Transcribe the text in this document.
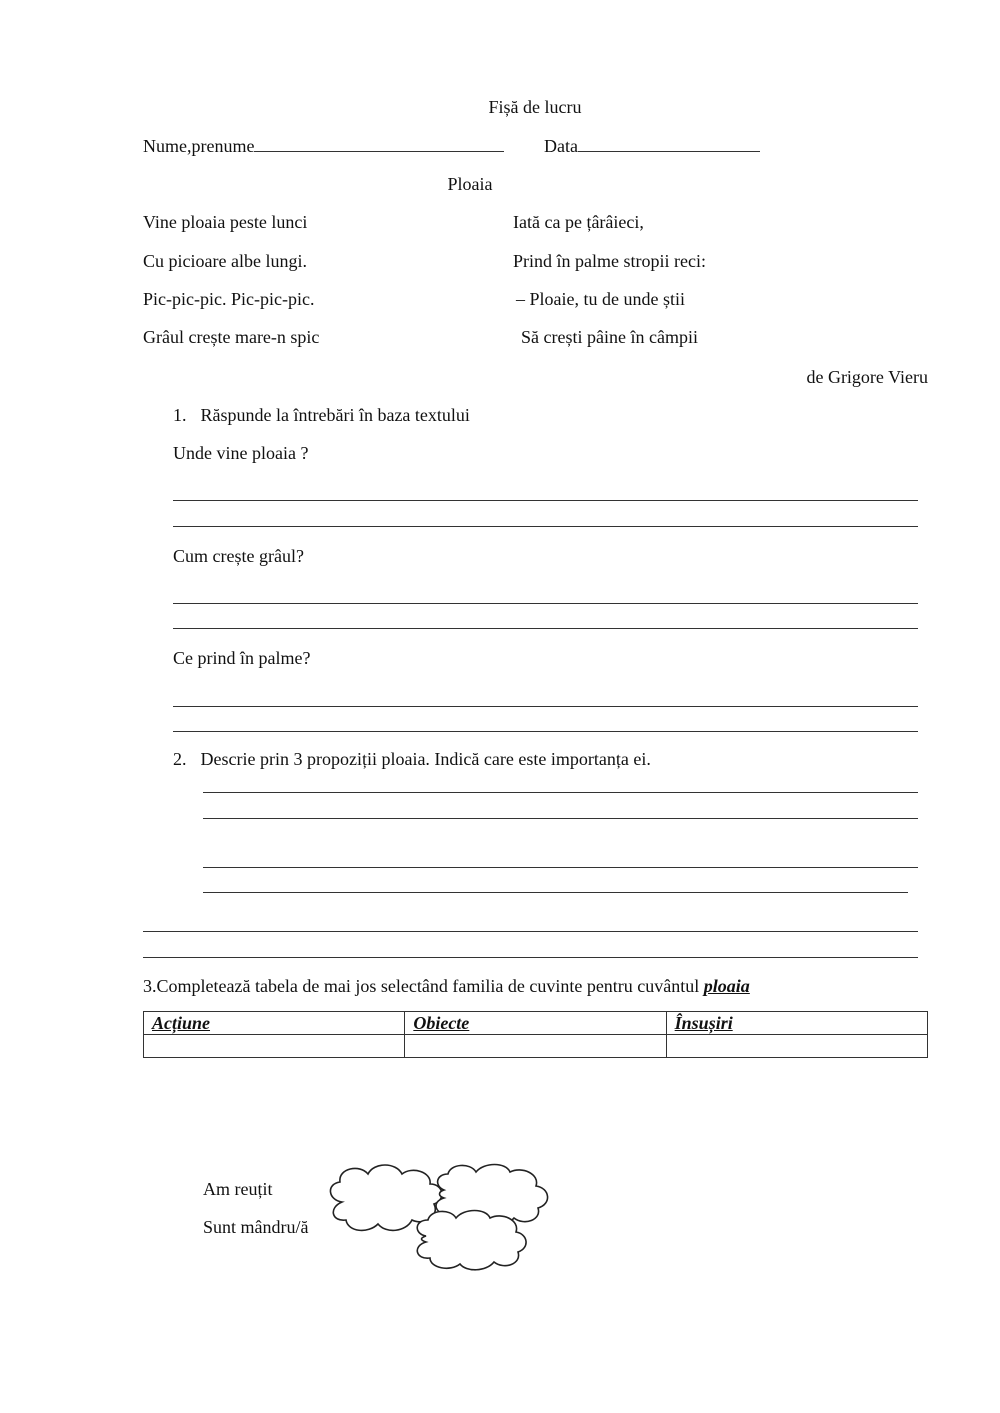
Fișă de lucru
Nume,prenume	Data
Ploaia
Vine ploaia peste lunci
Cu picioare albe lungi.
Pic-pic-pic. Pic-pic-pic.
Grâul crește mare-n spic
Iată ca pe țârâieci,
Prind în palme stropii reci:
– Ploaie, tu de unde știi
Să crești pâine în câmpii
de Grigore Vieru
1. Răspunde la întrebări în baza textului
Unde vine ploaia ?
Cum crește grâul?
Ce prind în palme?
2. Descrie prin 3 propoziții ploaia. Indică care este importanța ei.
3.Completează tabela de mai jos selectând familia de cuvinte pentru cuvântul ploaia
Acțiune	Obiecte	Însușiri

Am reuțit
Sunt mândru/ă
